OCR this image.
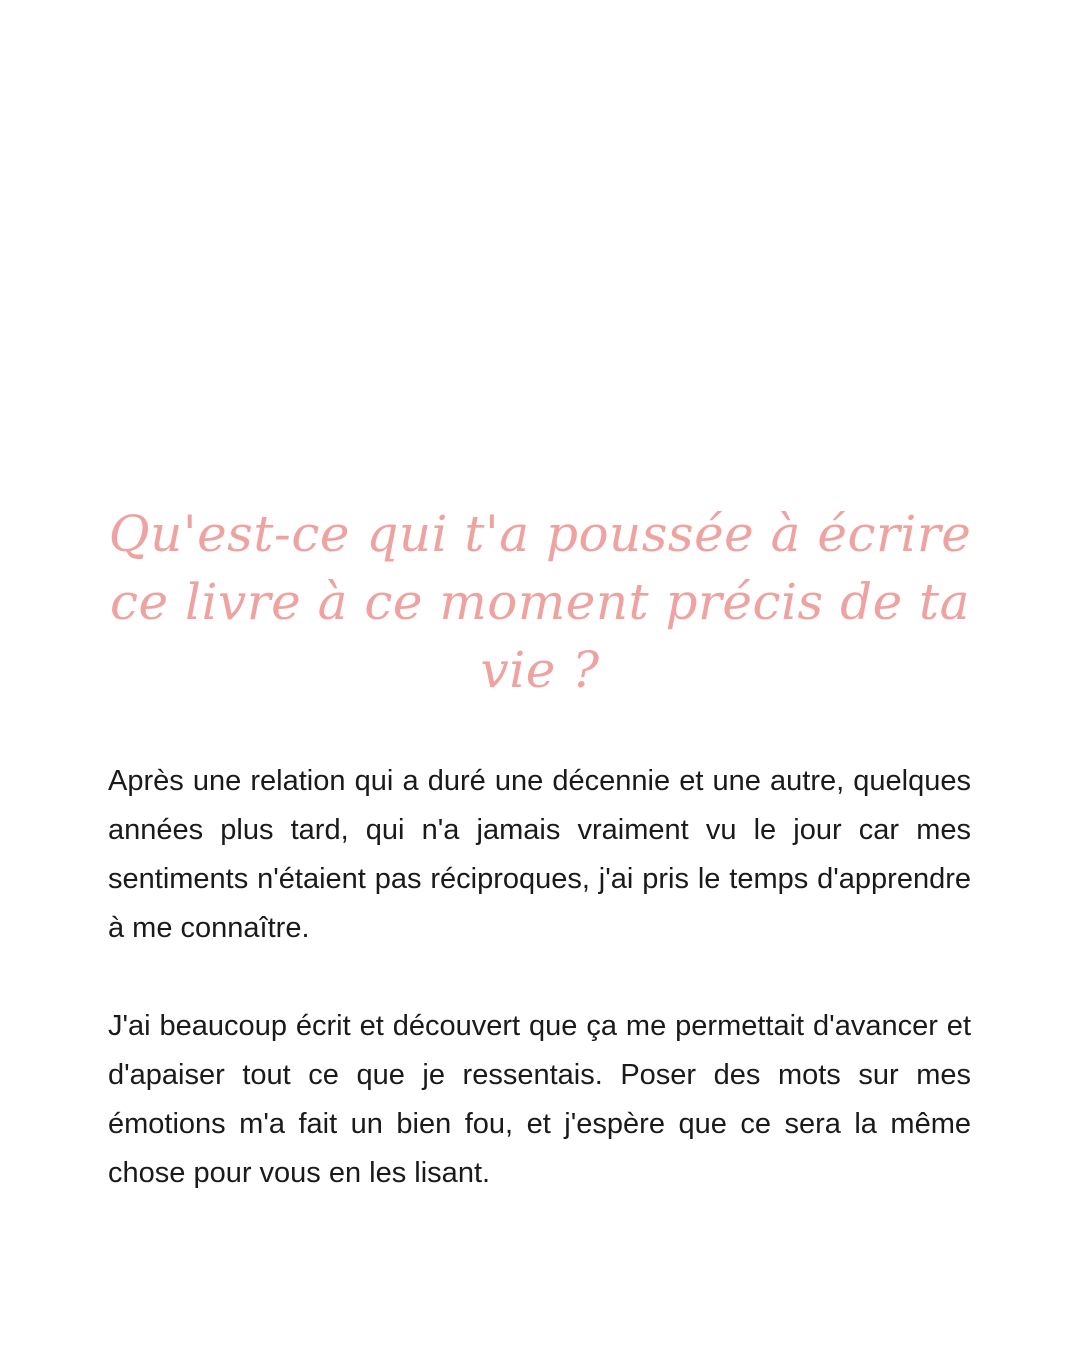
Qu'est-ce qui t'a poussée à écrire ce livre à ce moment précis de ta vie ?

Après une relation qui a duré une décennie et une autre, quelques années plus tard, qui n'a jamais vraiment vu le jour car mes sentiments n'étaient pas réciproques, j'ai pris le temps d'apprendre à me connaître.

J'ai beaucoup écrit et découvert que ça me permettait d'avancer et d'apaiser tout ce que je ressentais. Poser des mots sur mes émotions m'a fait un bien fou, et j'espère que ce sera la même chose pour vous en les lisant.
